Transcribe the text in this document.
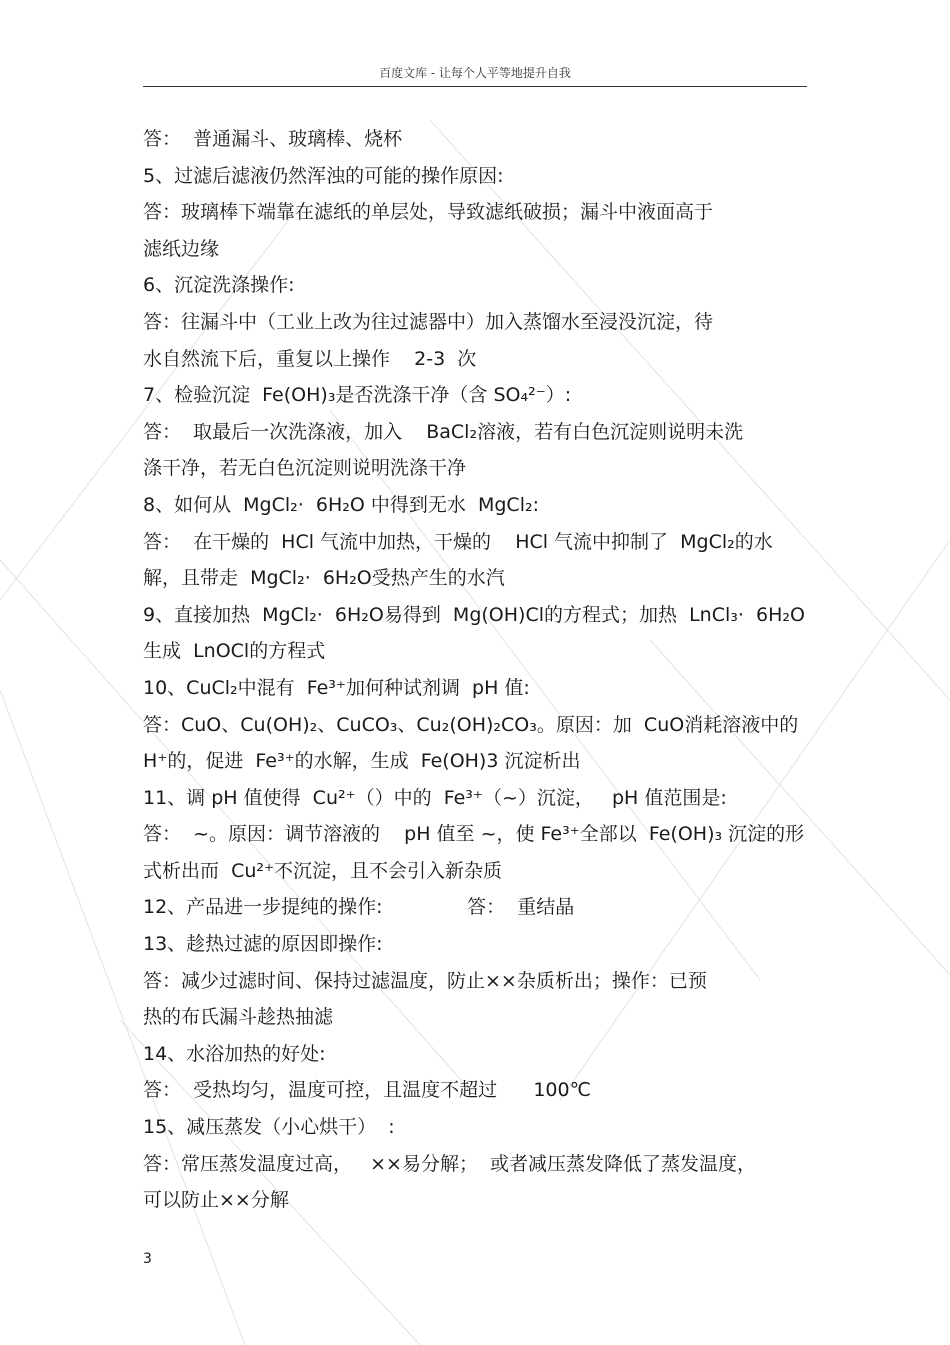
百度文库 - 让每个人平等地提升自我
答：  普通漏斗、玻璃棒、烧杯
5、过滤后滤液仍然浑浊的可能的操作原因:
答：玻璃棒下端靠在滤纸的单层处，导致滤纸破损；漏斗中液面高于
滤纸边缘
6、沉淀洗涤操作:
答：往漏斗中（工业上改为往过滤器中）加入蒸馏水至浸没沉淀，待
水自然流下后，重复以上操作    2-3  次
7、检验沉淀  Fe(OH)₃是否洗涤干净（含 SO₄²⁻）:
答：  取最后一次洗涤液，加入    BaCl₂溶液，若有白色沉淀则说明未洗
涤干净，若无白色沉淀则说明洗涤干净
8、如何从  MgCl₂·  6H₂O 中得到无水  MgCl₂:
答：  在干燥的  HCl 气流中加热，干燥的    HCl 气流中抑制了  MgCl₂的水
解，且带走  MgCl₂·  6H₂O受热产生的水汽
9、直接加热  MgCl₂·  6H₂O易得到  Mg(OH)Cl的方程式；加热  LnCl₃·  6H₂O
生成  LnOCl的方程式
10、CuCl₂中混有  Fe³⁺加何种试剂调  pH 值:
答：CuO、Cu(OH)₂、CuCO₃、Cu₂(OH)₂CO₃。原因：加  CuO消耗溶液中的
H⁺的，促进  Fe³⁺的水解，生成  Fe(OH)3 沉淀析出
11、调 pH 值使得  Cu²⁺（）中的  Fe³⁺（~）沉淀，   pH 值范围是:
答：  ~。原因：调节溶液的    pH 值至 ~，使 Fe³⁺全部以  Fe(OH)₃ 沉淀的形
式析出而  Cu²⁺不沉淀，且不会引入新杂质
12、产品进一步提纯的操作:              答：  重结晶
13、趁热过滤的原因即操作:
答：减少过滤时间、保持过滤温度，防止××杂质析出；操作：已预
热的布氏漏斗趁热抽滤
14、水浴加热的好处:
答：  受热均匀，温度可控，且温度不超过      100℃
15、减压蒸发（小心烘干）  :
答：常压蒸发温度过高，   ××易分解；  或者减压蒸发降低了蒸发温度，
可以防止××分解
3
